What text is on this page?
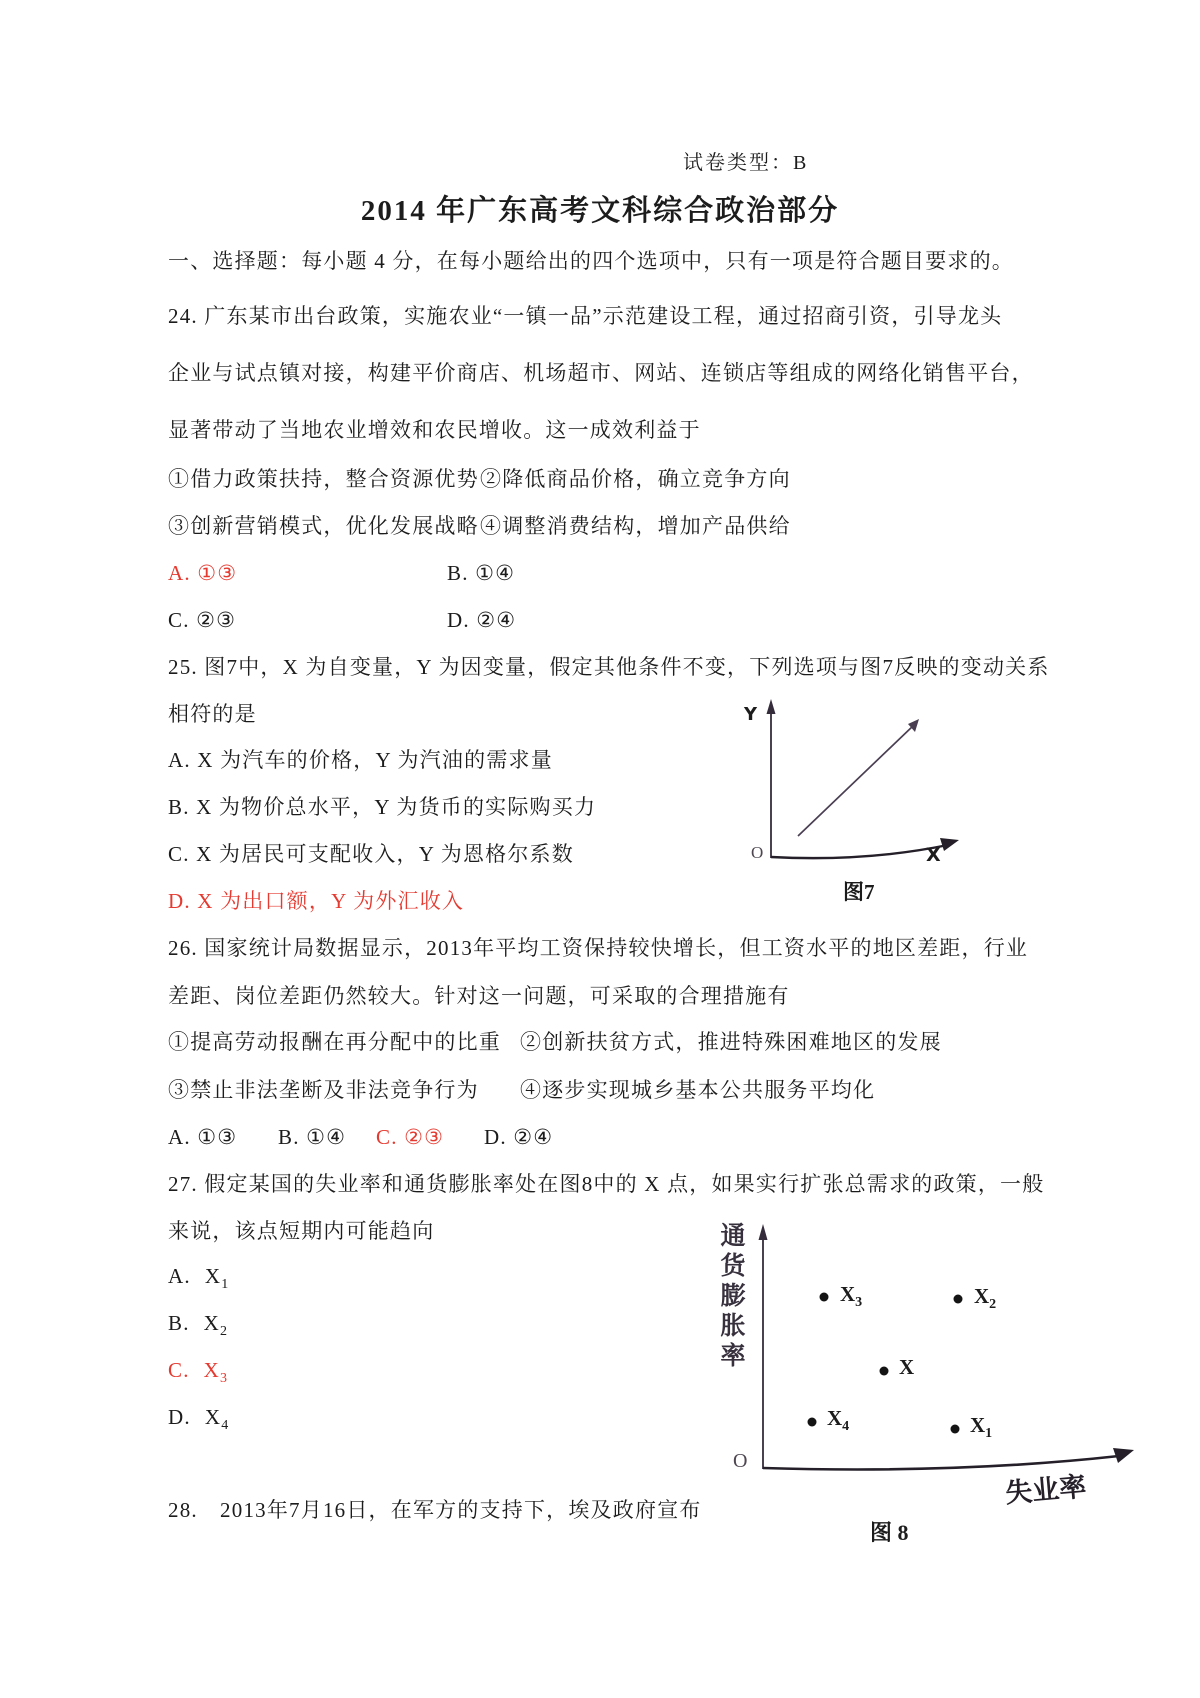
试卷类型：B
2014 年广东高考文科综合政治部分
一、选择题：每小题 4 分，在每小题给出的四个选项中，只有一项是符合题目要求的。
24. 广东某市出台政策，实施农业“一镇一品”示范建设工程，通过招商引资，引导龙头
企业与试点镇对接，构建平价商店、机场超市、网站、连锁店等组成的网络化销售平台，
显著带动了当地农业增效和农民增收。这一成效利益于
①借力政策扶持，整合资源优势 ②降低商品价格，确立竞争方向
③创新营销模式，优化发展战略 ④调整消费结构，增加产品供给
A. ①③	B. ①④
C. ②③	D. ②④
25. 图7中，X 为自变量，Y 为因变量，假定其他条件不变，下列选项与图7反映的变动关系
相符的是
A. X 为汽车的价格，Y 为汽油的需求量
B. X 为物价总水平，Y 为货币的实际购买力
C. X 为居民可支配收入，Y 为恩格尔系数
D. X 为出口额，Y 为外汇收入
Y
O	X
图7
26. 国家统计局数据显示，2013年平均工资保持较快增长，但工资水平的地区差距，行业
差距、岗位差距仍然较大。针对这一问题，可采取的合理措施有
①提高劳动报酬在再分配中的比重 ②创新扶贫方式，推进特殊困难地区的发展
③禁止非法垄断及非法竞争行为 ④逐步实现城乡基本公共服务平均化
A. ①③ B. ①④ C. ②③ D. ②④
27. 假定某国的失业率和通货膨胀率处在图8中的 X 点，如果实行扩张总需求的政策，一般
来说，该点短期内可能趋向
A. $X_1$
B. $X_2$
C. $X_3$
D. $X_4$
通货膨胀率	$X_3$	$X_2$
X
$X_4$	$X_1$
O
失业率
图 8
28.　2013年7月16日，在军方的支持下，埃及政府宣布
